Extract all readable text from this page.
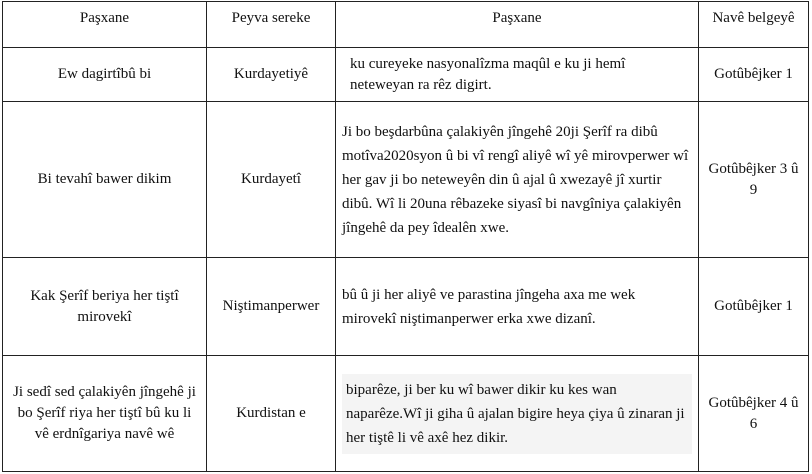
Paşxane	Peyva sereke	Paşxane	Navê belgeyê
Ew dagirtîbû bi	Kurdayetiyê	ku cureyeke nasyonalîzma maqûl e ku ji hemî neteweyan ra rêz digirt.	Gotûbêjker 1
Bi tevahî bawer dikim	Kurdayetî	Ji bo beşdarbûna çalakiyên jîngehê 20ji Şerîf ra dibû motîva2020syon û bi vî rengî aliyê wî yê mirovperwer wî her gav ji bo neteweyên din û ajal û xwezayê jî xurtir dibû. Wî li 20una rêbazeke siyasî bi navgîniya çalakiyên jîngehê da pey îdealên xwe.	Gotûbêjker 3 û 9
Kak Şerîf beriya her tiştî mirovekî	Niştimanperwer	bû û ji her aliyê ve parastina jîngeha axa me wek mirovekî niştimanperwer erka xwe dizanî.	Gotûbêjker 1
Ji sedî sed çalakiyên jîngehê ji bo Şerîf riya her tiştî bû ku li vê erdnîgariya navê wê	Kurdistan e	biparêze, ji ber ku wî bawer dikir ku kes wan naparêze.Wî ji giha û ajalan bigire heya çiya û zinaran ji her tiştê li vê axê hez dikir.	Gotûbêjker 4 û 6
